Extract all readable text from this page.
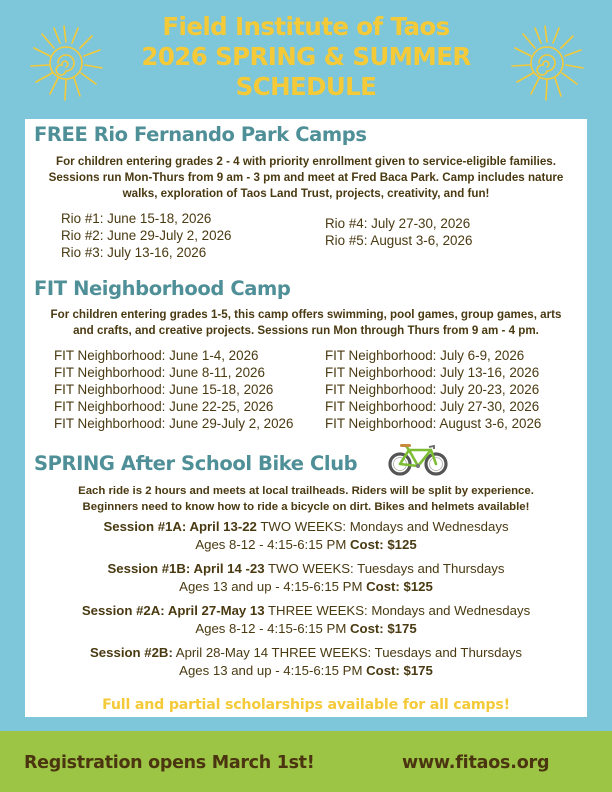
Field Institute of Taos
2026 SPRING & SUMMER
SCHEDULE
FREE Rio Fernando Park Camps
For children entering grades 2 - 4 with priority enrollment given to service-eligible families.
Sessions run Mon-Thurs from 9 am - 3 pm and meet at Fred Baca Park. Camp includes nature
walks, exploration of Taos Land Trust, projects, creativity, and fun!
Rio #1: June 15-18, 2026
Rio #2: June 29-July 2, 2026
Rio #3: July 13-16, 2026
Rio #4: July 27-30, 2026
Rio #5: August 3-6, 2026
FIT Neighborhood Camp
For children entering grades 1-5, this camp offers swimming, pool games, group games, arts
and crafts, and creative projects. Sessions run Mon through Thurs from 9 am - 4 pm.
FIT Neighborhood: June 1-4, 2026
FIT Neighborhood: June 8-11, 2026
FIT Neighborhood: June 15-18, 2026
FIT Neighborhood: June 22-25, 2026
FIT Neighborhood: June 29-July 2, 2026
FIT Neighborhood: July 6-9, 2026
FIT Neighborhood: July 13-16, 2026
FIT Neighborhood: July 20-23, 2026
FIT Neighborhood: July 27-30, 2026
FIT Neighborhood: August 3-6, 2026
SPRING After School Bike Club
Each ride is 2 hours and meets at local trailheads. Riders will be split by experience.
Beginners need to know how to ride a bicycle on dirt. Bikes and helmets available!
Session #1A: April 13-22 TWO WEEKS: Mondays and Wednesdays
Ages 8-12 - 4:15-6:15 PM Cost: $125
Session #1B: April 14 -23 TWO WEEKS: Tuesdays and Thursdays
Ages 13 and up - 4:15-6:15 PM Cost: $125
Session #2A: April 27-May 13 THREE WEEKS: Mondays and Wednesdays
Ages 8-12 - 4:15-6:15 PM Cost: $175
Session #2B: April 28-May 14 THREE WEEKS: Tuesdays and Thursdays
Ages 13 and up - 4:15-6:15 PM Cost: $175
Full and partial scholarships available for all camps!
Registration opens March 1st!	www.fitaos.org
